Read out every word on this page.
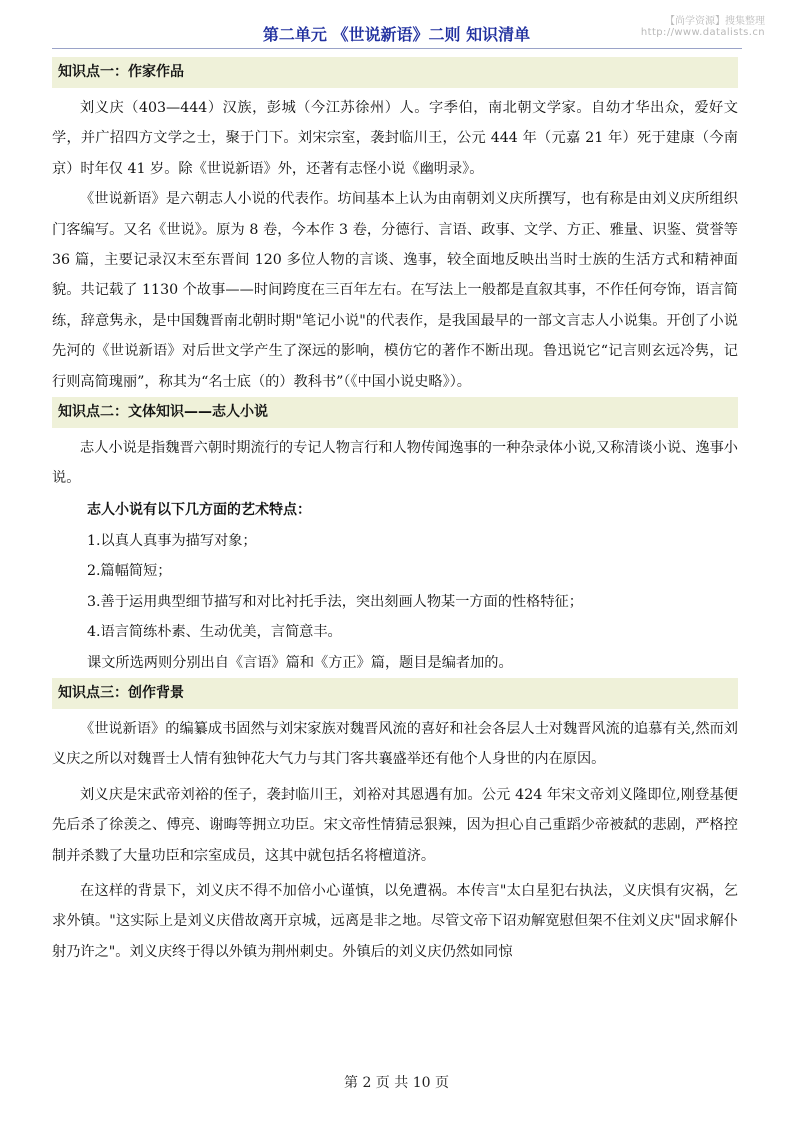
第二单元 《世说新语》二则 知识清单
【尚学资源】搜集整理
http://www.datalists.cn
知识点一：作家作品

刘义庆（403—444）汉族，彭城（今江苏徐州）人。字季伯，南北朝文学家。自幼才华出众，爱好文学，并广招四方文学之士，聚于门下。刘宋宗室，袭封临川王，公元 444 年（元嘉 21 年）死于建康（今南京）时年仅 41 岁。除《世说新语》外，还著有志怪小说《幽明录》。

《世说新语》是六朝志人小说的代表作。坊间基本上认为由南朝刘义庆所撰写，也有称是由刘义庆所组织门客编写。又名《世说》。原为 8 卷，今本作 3 卷，分德行、言语、政事、文学、方正、雅量、识鉴、赏誉等 36 篇，主要记录汉末至东晋间 120 多位人物的言谈、逸事，较全面地反映出当时士族的生活方式和精神面貌。共记载了 1130 个故事——时间跨度在三百年左右。在写法上一般都是直叙其事，不作任何夸饰，语言简练，辞意隽永，是中国魏晋南北朝时期"笔记小说"的代表作，是我国最早的一部文言志人小说集。开创了小说先河的《世说新语》对后世文学产生了深远的影响，模仿它的著作不断出现。鲁迅说它“记言则玄远冷隽，记行则高简瑰丽”，称其为“名士底（的）教科书”（《中国小说史略》）。

知识点二：文体知识——志人小说

志人小说是指魏晋六朝时期流行的专记人物言行和人物传闻逸事的一种杂录体小说,又称清谈小说、逸事小说。

志人小说有以下几方面的艺术特点：

1.以真人真事为描写对象；

2.篇幅简短；

3.善于运用典型细节描写和对比衬托手法，突出刻画人物某一方面的性格特征；

4.语言简练朴素、生动优美，言简意丰。

课文所选两则分别出自《言语》篇和《方正》篇，题目是编者加的。

知识点三：创作背景

《世说新语》的编纂成书固然与刘宋家族对魏晋风流的喜好和社会各层人士对魏晋风流的追慕有关,然而刘义庆之所以对魏晋士人情有独钟花大气力与其门客共襄盛举还有他个人身世的内在原因。

刘义庆是宋武帝刘裕的侄子，袭封临川王，刘裕对其恩遇有加。公元 424 年宋文帝刘义隆即位,刚登基便先后杀了徐羡之、傅亮、谢晦等拥立功臣。宋文帝性情猜忌狠辣，因为担心自己重蹈少帝被弑的悲剧，严格控制并杀戮了大量功臣和宗室成员，这其中就包括名将檀道济。

在这样的背景下，刘义庆不得不加倍小心谨慎，以免遭祸。本传言"太白星犯右执法，义庆惧有灾祸，乞求外镇。"这实际上是刘义庆借故离开京城，远离是非之地。尽管文帝下诏劝解宽慰但架不住刘义庆"固求解仆射乃许之"。刘义庆终于得以外镇为荆州刺史。外镇后的刘义庆仍然如同惊

第 2 页 共 10 页
